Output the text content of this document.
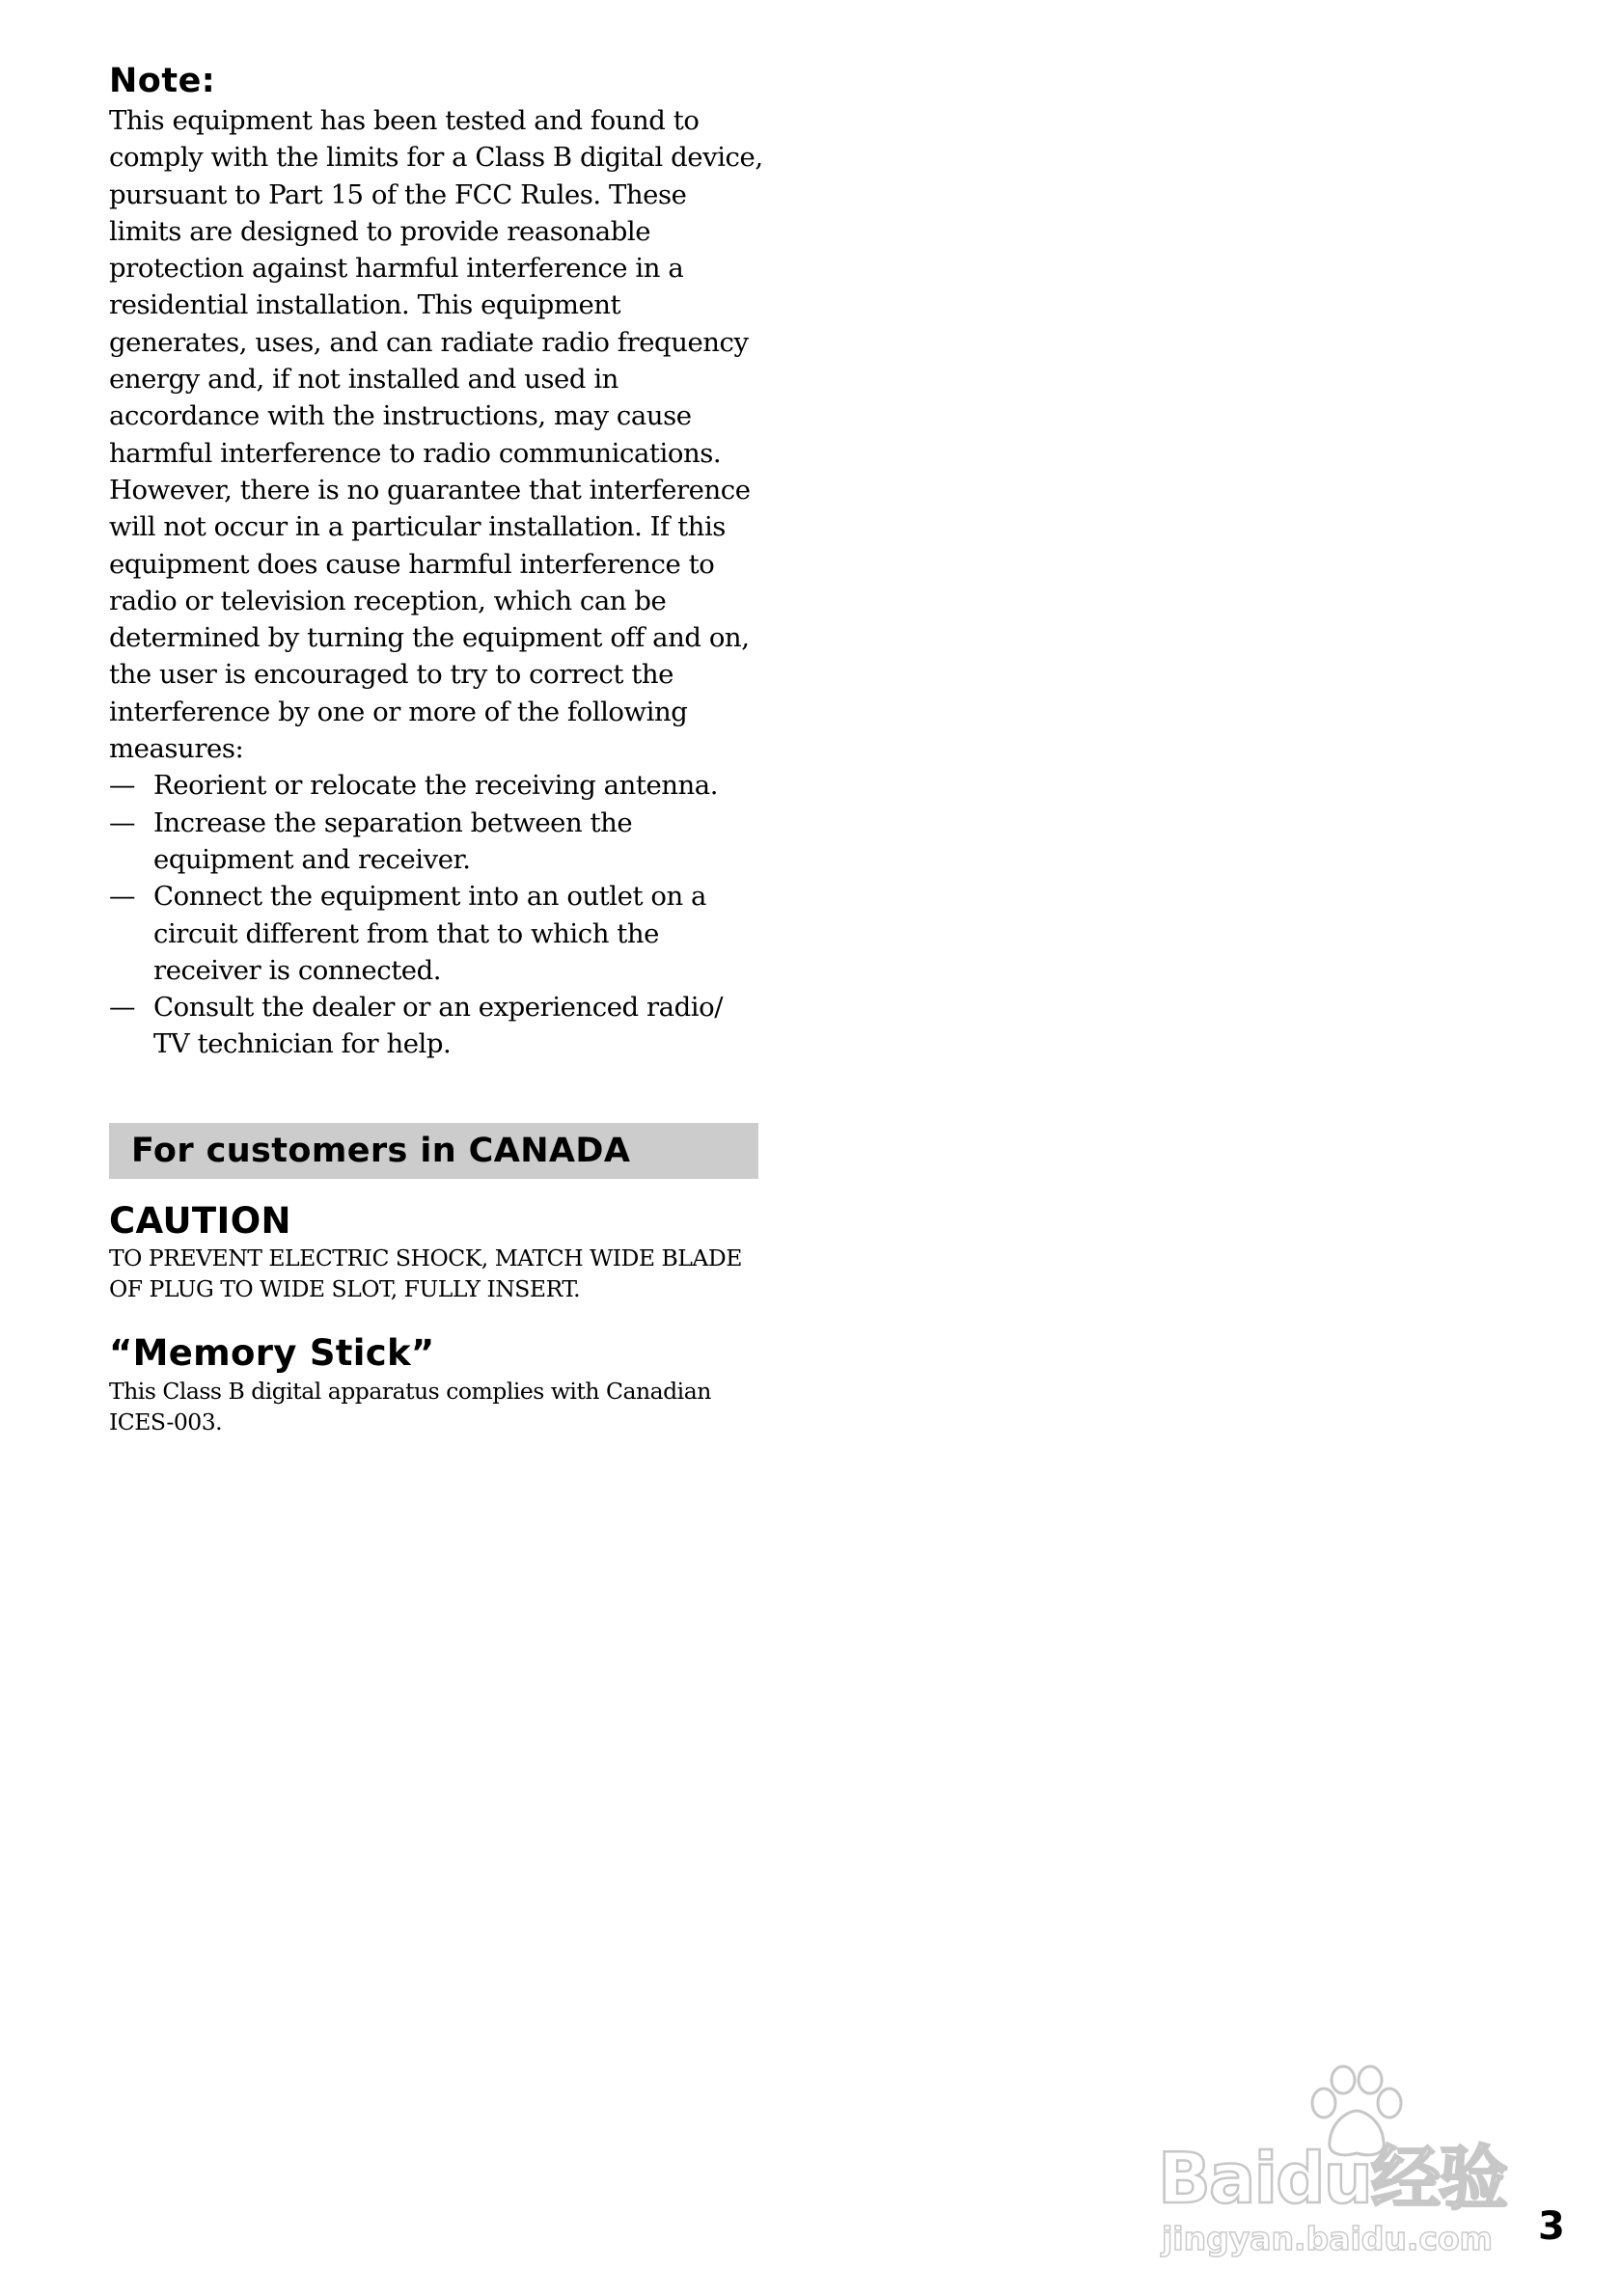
Note:

This equipment has been tested and found to comply with the limits for a Class B digital device, pursuant to Part 15 of the FCC Rules. These limits are designed to provide reasonable protection against harmful interference in a residential installation. This equipment generates, uses, and can radiate radio frequency energy and, if not installed and used in accordance with the instructions, may cause harmful interference to radio communications. However, there is no guarantee that interference will not occur in a particular installation. If this equipment does cause harmful interference to radio or television reception, which can be determined by turning the equipment off and on, the user is encouraged to try to correct the interference by one or more of the following measures:

— Reorient or relocate the receiving antenna.
— Increase the separation between the equipment and receiver.
— Connect the equipment into an outlet on a circuit different from that to which the receiver is connected.
— Consult the dealer or an experienced radio/ TV technician for help.
For customers in CANADA
CAUTION

TO PREVENT ELECTRIC SHOCK, MATCH WIDE BLADE OF PLUG TO WIDE SLOT, FULLY INSERT.

“Memory Stick”

This Class B digital apparatus complies with Canadian ICES-003.

Baidu经验
jingyan.baidu.com 3
